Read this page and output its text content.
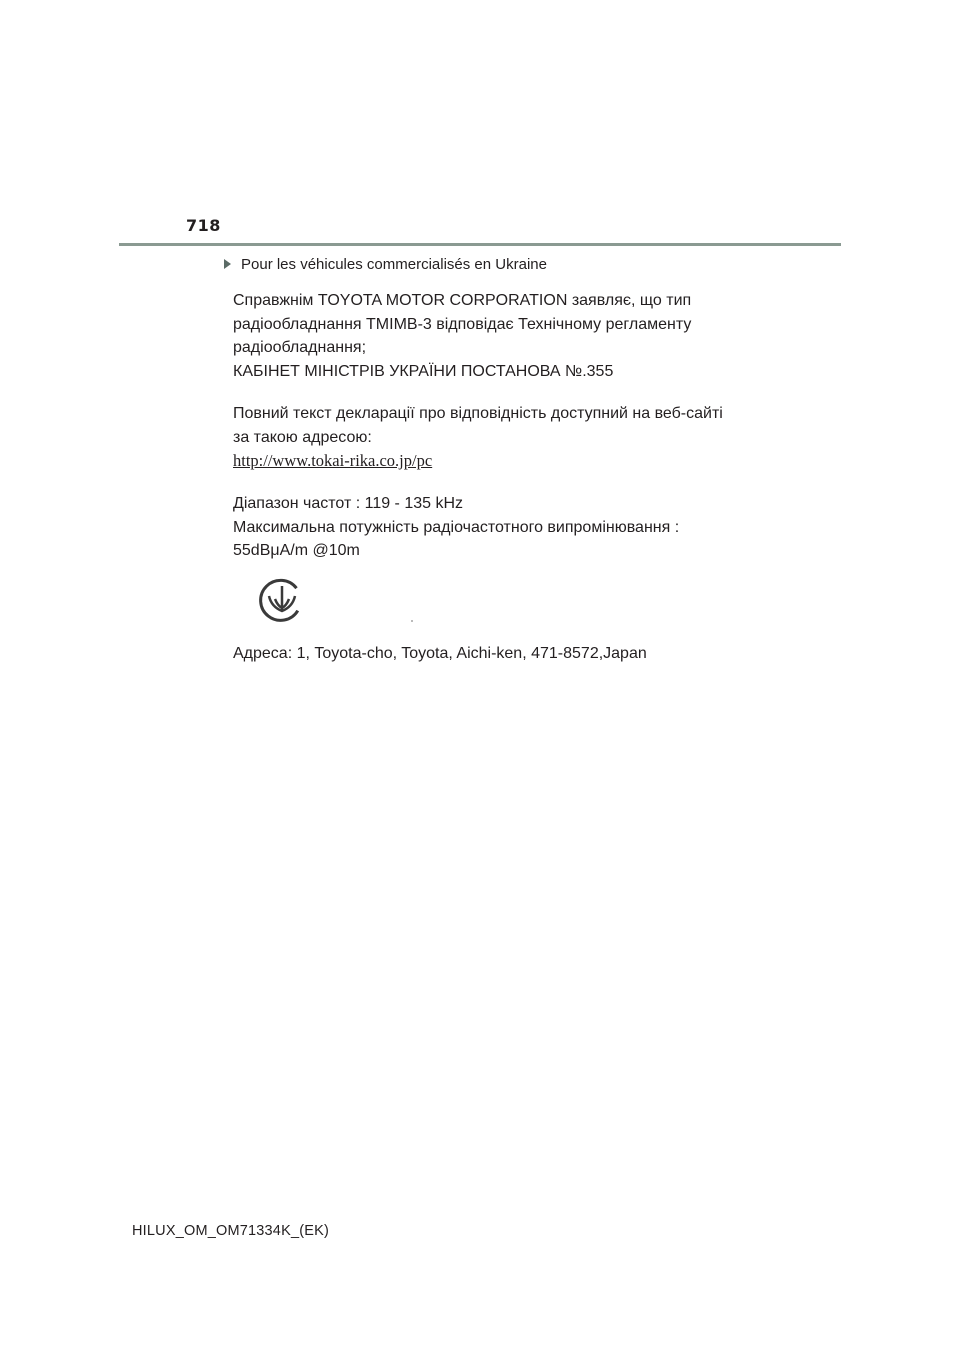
718
Pour les véhicules commercialisés en Ukraine
Справжнім TOYOTA MOTOR CORPORATION заявляє, що тип
радіообладнання TMIMB-3 відповідає Технічному регламенту
радіообладнання;
КАБІНЕТ МІНІСТРІВ УКРАЇНИ ПОСТАНОВА №.355
Повний текст декларації про відповідність доступний на веб-сайті
за такою адресою:
http://www.tokai-rika.co.jp/pc
Діапазон частот : 119 - 135 kHz
Максимальна потужність радіочастотного випромінювання :
55dBμA/m @10m
Адреса: 1, Toyota-cho, Toyota, Aichi-ken, 471-8572,Japan
HILUX_OM_OM71334K_(EK)
